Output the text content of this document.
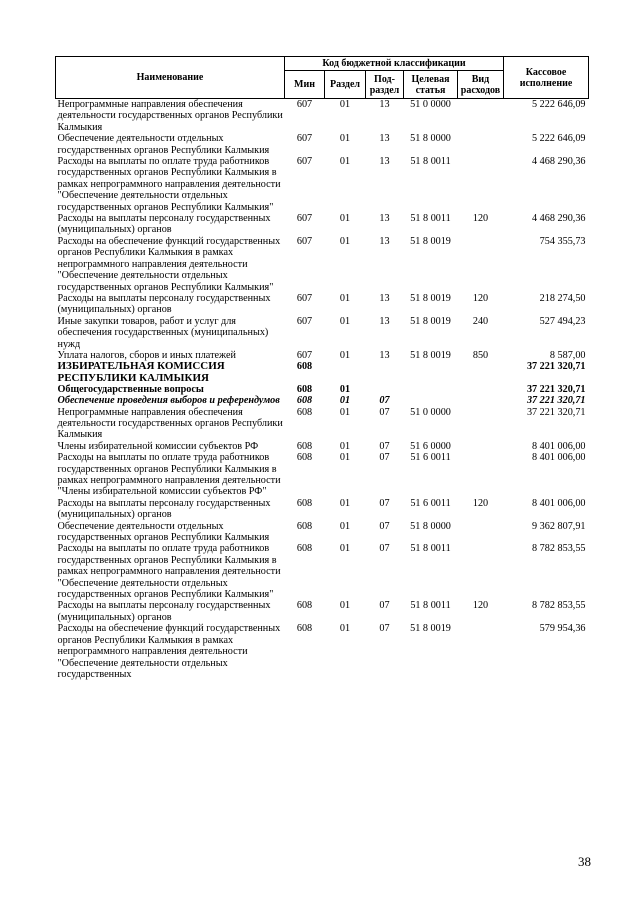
Наименование	Код бюджетной классификации					Кассовое исполнение
	Мин	Раздел	Под-раздел	Целевая статья	Вид расходов	
Непрограммные направления обеспечения деятельности государственных органов Республики Калмыкия	607	01	13	51 0 0000		5 222 646,09
Обеспечение деятельности отдельных государственных органов Республики Калмыкия	607	01	13	51 8 0000		5 222 646,09
Расходы на выплаты по оплате труда работников государственных органов Республики Калмыкия в рамках непрограммного направления деятельности "Обеспечение деятельности отдельных государственных органов Республики Калмыкия"	607	01	13	51 8 0011		4 468 290,36
Расходы на выплаты персоналу государственных (муниципальных) органов	607	01	13	51 8 0011	120	4 468 290,36
Расходы на обеспечение функций государственных органов Республики Калмыкия в рамках непрограммного направления деятельности "Обеспечение деятельности отдельных государственных органов Республики Калмыкия"	607	01	13	51 8 0019		754 355,73
Расходы на выплаты персоналу государственных (муниципальных) органов	607	01	13	51 8 0019	120	218 274,50
Иные закупки товаров, работ и услуг для обеспечения государственных (муниципальных) нужд	607	01	13	51 8 0019	240	527 494,23
Уплата налогов, сборов и иных платежей	607	01	13	51 8 0019	850	8 587,00
ИЗБИРАТЕЛЬНАЯ КОМИССИЯ РЕСПУБЛИКИ КАЛМЫКИЯ	608					37 221 320,71
Общегосударственные вопросы	608	01				37 221 320,71
Обеспечение проведения выборов и референдумов	608	01	07			37 221 320,71
Непрограммные направления обеспечения деятельности государственных органов Республики Калмыкия	608	01	07	51 0 0000		37 221 320,71
Члены избирательной комиссии субъектов РФ	608	01	07	51 6 0000		8 401 006,00
Расходы на выплаты по оплате труда работников государственных органов Республики Калмыкия в рамках непрограммного направления деятельности "Члены избирательной комиссии субъектов РФ"	608	01	07	51 6 0011		8 401 006,00
Расходы на выплаты персоналу государственных (муниципальных) органов	608	01	07	51 6 0011	120	8 401 006,00
Обеспечение деятельности отдельных государственных органов Республики Калмыкия	608	01	07	51 8 0000		9 362 807,91
Расходы на выплаты по оплате труда работников государственных органов Республики Калмыкия в рамках непрограммного направления деятельности "Обеспечение деятельности отдельных государственных органов Республики Калмыкия"	608	01	07	51 8 0011		8 782 853,55
Расходы на выплаты персоналу государственных (муниципальных) органов	608	01	07	51 8 0011	120	8 782 853,55
Расходы на обеспечение функций государственных органов Республики Калмыкия в рамках непрограммного направления деятельности "Обеспечение деятельности отдельных государственных	608	01	07	51 8 0019		579 954,36
38
